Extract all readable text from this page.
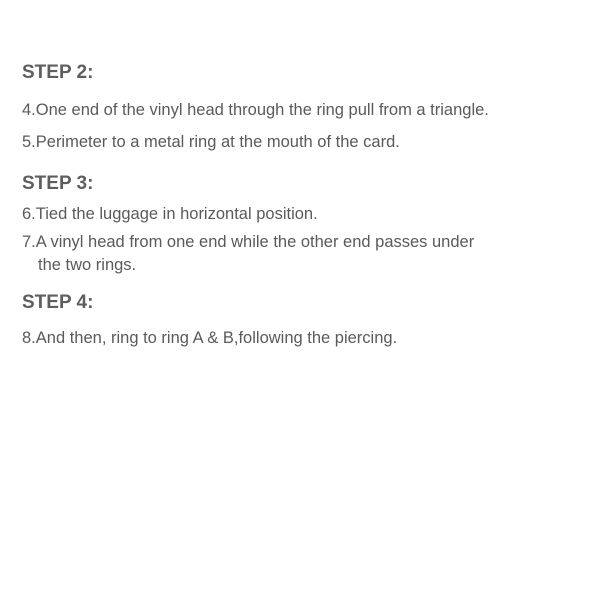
STEP 2:

4.One end of the vinyl head through the ring pull from a triangle.

5.Perimeter to a metal ring at the mouth of the card.

STEP 3:

6.Tied the luggage in horizontal position.

7.A vinyl head from one end while the other end passes under

the two rings.

STEP 4:

8.And then, ring to ring A & B,following the piercing.
